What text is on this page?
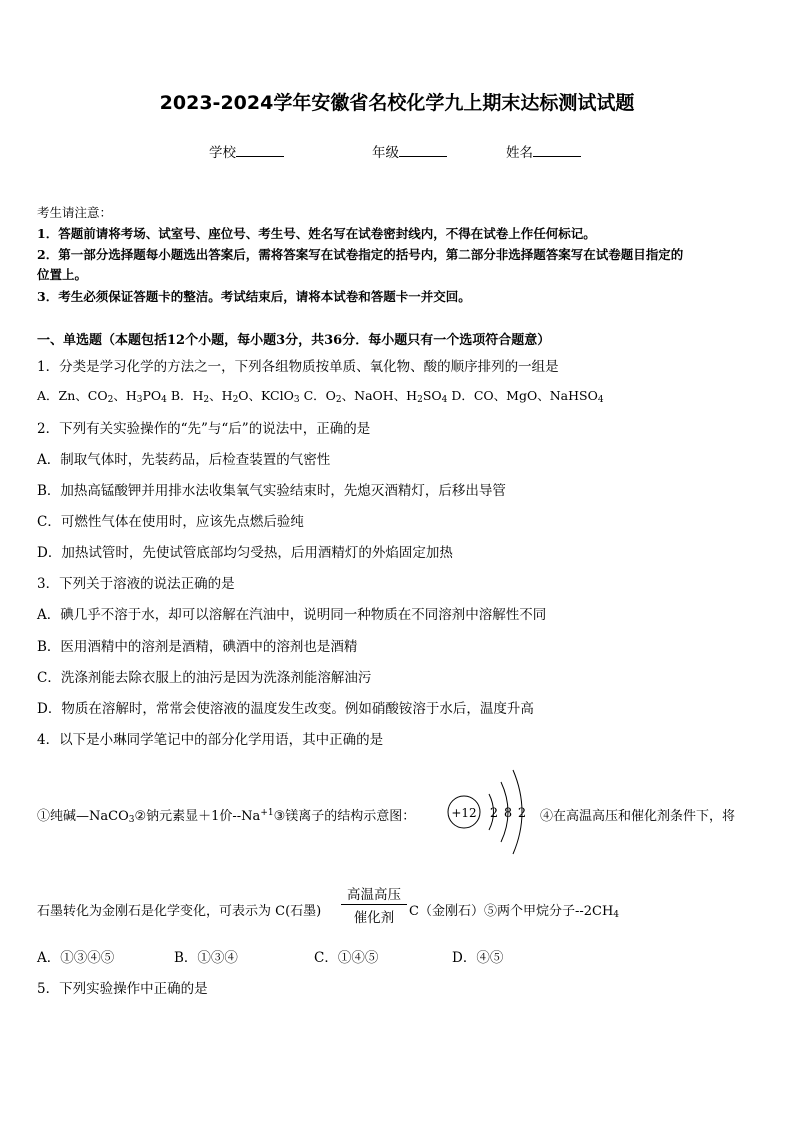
2023-2024学年安徽省名校化学九上期末达标测试试题
学校	年级	姓名
考生请注意：
1．答题前请将考场、试室号、座位号、考生号、姓名写在试卷密封线内，不得在试卷上作任何标记。
2．第一部分选择题每小题选出答案后，需将答案写在试卷指定的括号内，第二部分非选择题答案写在试卷题目指定的
位置上。
3．考生必须保证答题卡的整洁。考试结束后，请将本试卷和答题卡一并交回。
一、单选题（本题包括12个小题，每小题3分，共36分．每小题只有一个选项符合题意）
1．分类是学习化学的方法之一，下列各组物质按单质、氧化物、酸的顺序排列的一组是
A．Zn、$CO_2$、$H_3PO_4$ B．$H_2$、$H_2O$、KClO$_3$ C．$O_2$、NaOH、$H_2SO_4$ D．CO、MgO、NaHSO$_4$
2．下列有关实验操作的“先”与“后”的说法中，正确的是
A．制取气体时，先装药品，后检查装置的气密性
B．加热高锰酸钾并用排水法收集氧气实验结束时，先熄灭酒精灯，后移出导管
C．可燃性气体在使用时，应该先点燃后验纯
D．加热试管时，先使试管底部均匀受热，后用酒精灯的外焰固定加热
3．下列关于溶液的说法正确的是
A．碘几乎不溶于水，却可以溶解在汽油中，说明同一种物质在不同溶剂中溶解性不同
B．医用酒精中的溶剂是酒精，碘酒中的溶剂也是酒精
C．洗涤剂能去除衣服上的油污是因为洗涤剂能溶解油污
D．物质在溶解时，常常会使溶液的温度发生改变。例如硝酸铵溶于水后，温度升高
4．以下是小琳同学笔记中的部分化学用语，其中正确的是
①纯碱—NaCO$_3$②钠元素显＋1价$--Na^{+1}③$镁离子的结构示意图：	+12 2 8 2 ④在高温高压和催化剂条件下，将
石墨转化为金刚石是化学变化，可表示为 C(石墨)
高温高压
催化剂	C（金刚石）⑤两个甲烷分子$--2CH_4$
A．①③④⑤	B．①③④	C．①④⑤	D．④⑤
5．下列实验操作中正确的是
